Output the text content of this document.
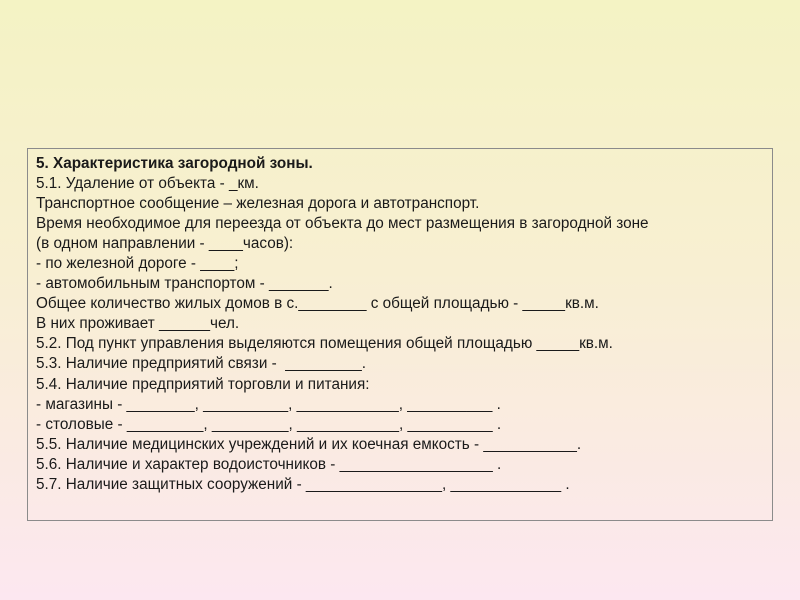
5. Характеристика загородной зоны.

5.1. Удаление от объекта - _км.

Транспортное сообщение – железная дорога и автотранспорт.

Время необходимое для переезда от объекта до мест размещения в загородной зоне

(в одном направлении - ____часов):

- по железной дороге - ____;

- автомобильным транспортом - _______.

Общее количество жилых домов в с.________ с общей площадью - _____кв.м.

В них проживает ______чел.

5.2. Под пункт управления выделяются помещения общей площадью _____кв.м.

5.3. Наличие предприятий связи -  _________.

5.4. Наличие предприятий торговли и питания:

- магазины - ________, __________, ____________, __________ .

- столовые - _________, _________, ____________, __________ .

5.5. Наличие медицинских учреждений и их коечная емкость - ___________.

5.6. Наличие и характер водоисточников - __________________ .

5.7. Наличие защитных сооружений - ________________, _____________ .
